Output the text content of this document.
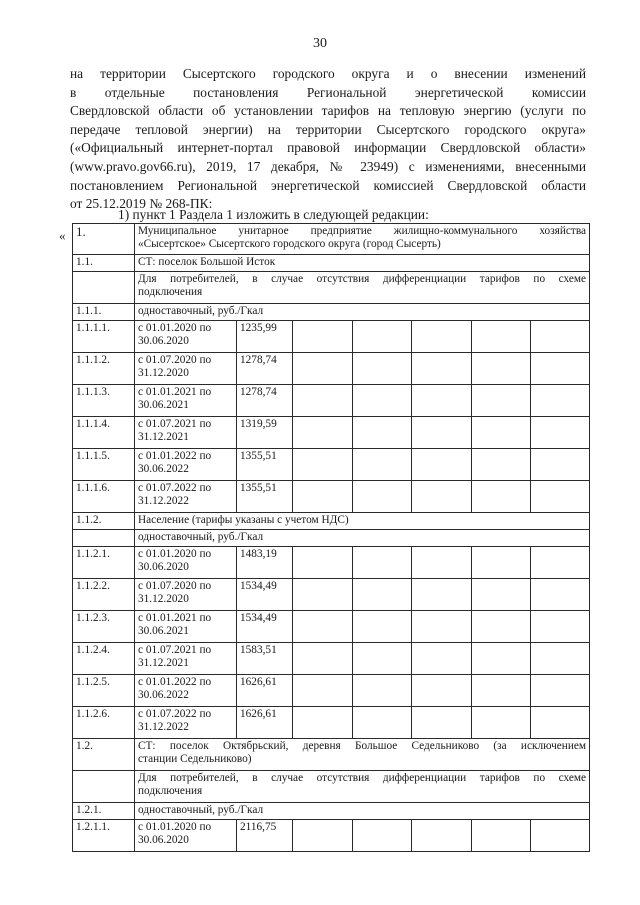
30
на территории Сысертского городского округа и о внесении изменений
в отдельные постановления Региональной энергетической комиссии
Свердловской области об установлении тарифов на тепловую энергию (услуги по
передаче тепловой энергии) на территории Сысертского городского округа»
(«Официальный интернет-портал правовой информации Свердловской области»
(www.pravo.gov66.ru), 2019, 17 декабря, № 23949) с изменениями, внесенными
постановлением Региональной энергетической комиссией Свердловской области
от 25.12.2019 № 268-ПК:
1) пункт 1 Раздела 1 изложить в следующей редакции:
« 1.	Муниципальное унитарное предприятие жилищно-коммунального хозяйства
«Сысертское» Сысертского городского округа (город Сысерть)						

1.1.	СТ: поселок Большой Исток						

	Для потребителей, в случае отсутствия дифференциации тарифов по схеме
подключения						

1.1.1.	одноставочный, руб./Гкал						
1.1.1.1.	с 01.01.2020 по
30.06.2020	1235,99					
1.1.1.2.	с 01.07.2020 по
31.12.2020	1278,74					
1.1.1.3.	с 01.01.2021 по
30.06.2021	1278,74					
1.1.1.4.	с 01.07.2021 по
31.12.2021	1319,59					
1.1.1.5.	с 01.01.2022 по
30.06.2022	1355,51					
1.1.1.6.	с 01.07.2022 по
31.12.2022	1355,51					
1.1.2.	Население (тарифы указаны с учетом НДС)						
	одноставочный, руб./Гкал						
1.1.2.1.	с 01.01.2020 по
30.06.2020	1483,19					
1.1.2.2.	с 01.07.2020 по
31.12.2020	1534,49					
1.1.2.3.	с 01.01.2021 по
30.06.2021	1534,49					
1.1.2.4.	с 01.07.2021 по
31.12.2021	1583,51					
1.1.2.5.	с 01.01.2022 по
30.06.2022	1626,61					
1.1.2.6.	с 01.07.2022 по
31.12.2022	1626,61					
1.2.	СТ: поселок Октябрьский, деревня Большое Седельниково (за исключением
станции Седельниково)						

	Для потребителей, в случае отсутствия дифференциации тарифов по схеме
подключения						

1.2.1.	одноставочный, руб./Гкал						
1.2.1.1.	с 01.01.2020 по
30.06.2020	2116,75					
